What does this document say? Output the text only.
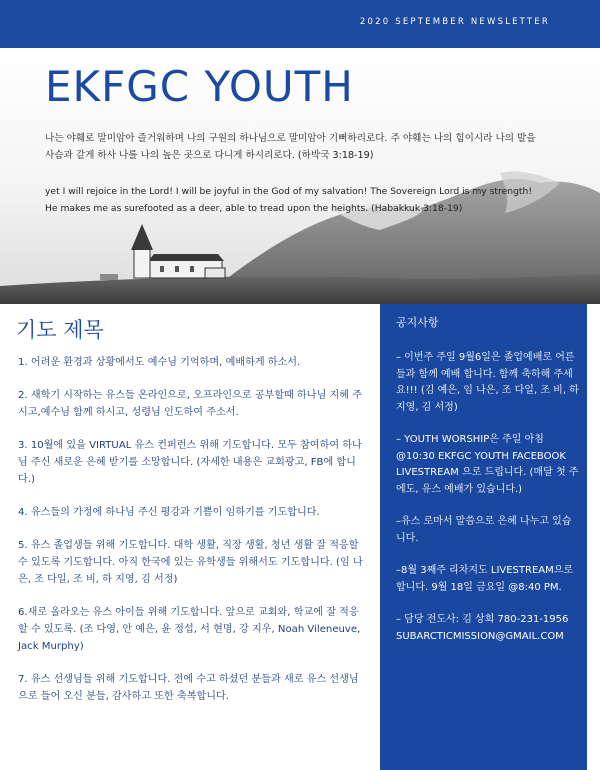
2020 SEPTEMBER NEWSLETTER
EKFGC YOUTH

나는 야훼로 말미암아 즐거워하며 나의 구원의 하나님으로 말미암아 기뻐하리로다. 주 야훼는 나의 힘이시라 나의 발을 사슴과 같게 하사 나를 나의 높은 곳으로 다니게 하시리로다. (하박국 3:18-19)

yet I will rejoice in the Lord! I will be joyful in the God of my salvation! The Sovereign Lord is my strength! He makes me as surefooted as a deer, able to tread upon the heights. (Habakkuk 3:18-19)

기도 제목
1. 어려운 환경과 상황에서도 예수님 기억하며, 예배하게 하소서.
2. 새학기 시작하는 유스들 온라인으로, 오프라인으로 공부할때 하나님 지혜 주시고,예수님 함께 하시고, 성령님 인도하여 주소서.
3. 10월에 있을 VIRTUAL 유스 컨퍼런스 위해 기도합니다. 모두 참여하여 하나님 주신 새로운 은혜 받기를 소망합니다. (자세한 내용은 교회광고, FB에 합니다.)
4. 유스들의 가정에 하나님 주신 평강과 기쁨이 임하기를 기도합니다.
5. 유스 졸업생들 위해 기도합니다. 대학 생활, 직장 생활, 청년 생활 잘 적응할 수 있도록 기도합니다. 아직 한국에 있는 유학생들 위해서도 기도합니다. (임 나은, 조 다일, 조 비, 하 지영, 김 서정)
6.새로 올라오는 유스 아이들 위해 기도합니다. 앞으로 교회와, 학교에 잘 적응할 수 있도록. (조 다영, 안 예은, 윤 정섭, 서 현명, 강 지우, Noah Vileneuve, Jack Murphy)
7. 유스 선생님들 위해 기도합니다. 전에 수고 하셨던 분들과 새로 유스 선생님으로 들어 오신 분들, 감사하고 또한 축복합니다.
공지사항
– 이번주 주일 9월6일은 졸업예배로 어른들과 함께 예배 합니다. 함께 축하해 주세 요!!! (김 예은, 임 나은, 조 다일, 조 비, 하 지영, 김 서정)
– YOUTH WORSHIP은 주일 아침 @10:30 EKFGC YOUTH FACEBOOK LIVESTREAM 으로 드립니다. (매달 첫 주에도, 유스 예배가 있습니다.)
–유스 로마서 말씀으로 은혜 나누고 있습니다.
–8월 3째주 리차지도 LIVESTREAM으로 합니다. 9월 18일 금요일 @8:40 PM.
– 담당 전도사: 김 상희 780-231-1956 SUBARCTICMISSION@GMAIL.COM
